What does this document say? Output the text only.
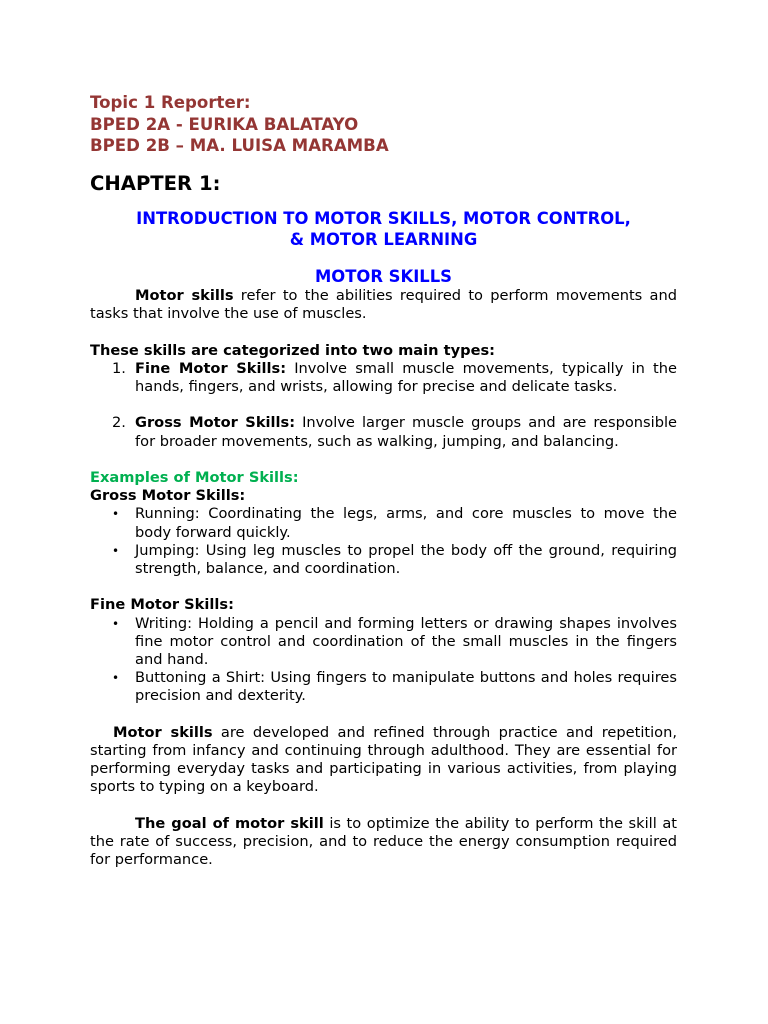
Topic 1 Reporter:
BPED 2A - EURIKA BALATAYO
BPED 2B – MA. LUISA MARAMBA
CHAPTER 1:
INTRODUCTION TO MOTOR SKILLS, MOTOR CONTROL,
& MOTOR LEARNING
MOTOR SKILLS

Motor skills refer to the abilities required to perform movements and tasks that involve the use of muscles.

These skills are categorized into two main types:

1. Fine Motor Skills: Involve small muscle movements, typically in the hands, fingers, and wrists, allowing for precise and delicate tasks.
2. Gross Motor Skills: Involve larger muscle groups and are responsible for broader movements, such as walking, jumping, and balancing.

Examples of Motor Skills:

Gross Motor Skills:

• Running: Coordinating the legs, arms, and core muscles to move the body forward quickly.
• Jumping: Using leg muscles to propel the body off the ground, requiring strength, balance, and coordination.

Fine Motor Skills:

• Writing: Holding a pencil and forming letters or drawing shapes involves fine motor control and coordination of the small muscles in the fingers and hand.
• Buttoning a Shirt: Using fingers to manipulate buttons and holes requires precision and dexterity.

Motor skills are developed and refined through practice and repetition, starting from infancy and continuing through adulthood. They are essential for performing everyday tasks and participating in various activities, from playing sports to typing on a keyboard.

The goal of motor skill is to optimize the ability to perform the skill at the rate of success, precision, and to reduce the energy consumption required for performance.
